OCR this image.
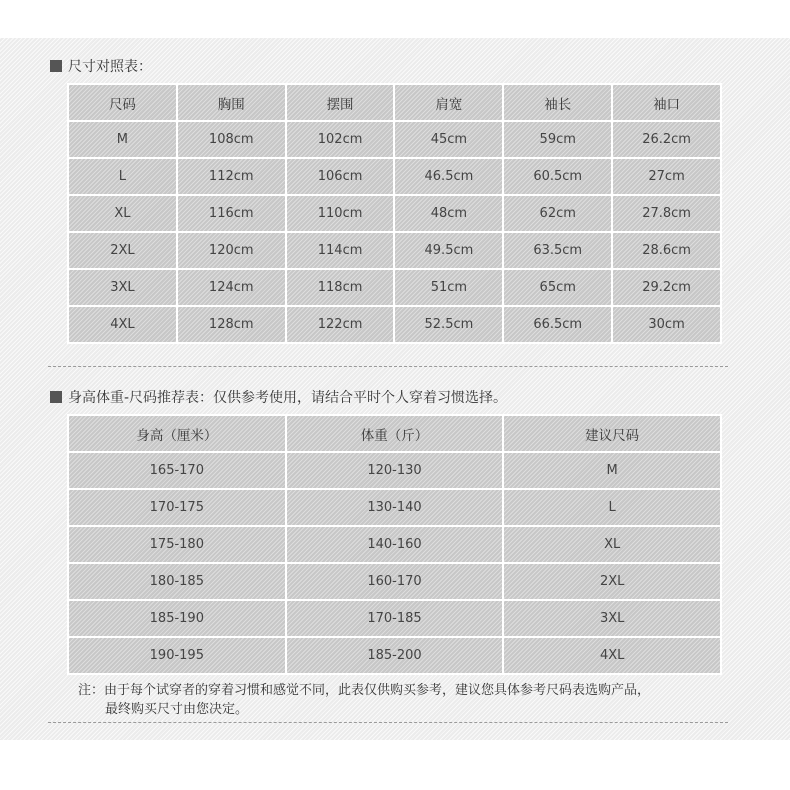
尺寸对照表：
尺码	胸围	摆围	肩宽	袖长	袖口
M	108cm	102cm	45cm	59cm	26.2cm
L	112cm	106cm	46.5cm	60.5cm	27cm
XL	116cm	110cm	48cm	62cm	27.8cm
2XL	120cm	114cm	49.5cm	63.5cm	28.6cm
3XL	124cm	118cm	51cm	65cm	29.2cm
4XL	128cm	122cm	52.5cm	66.5cm	30cm
身高体重-尺码推荐表：仅供参考使用，请结合平时个人穿着习惯选择。
身高（厘米）	体重（斤）	建议尺码
165-170	120-130	M
170-175	130-140	L
175-180	140-160	XL
180-185	160-170	2XL
185-190	170-185	3XL
190-195	185-200	4XL
注：由于每个试穿者的穿着习惯和感觉不同，此表仅供购买参考，建议您具体参考尺码表选购产品，
最终购买尺寸由您决定。
